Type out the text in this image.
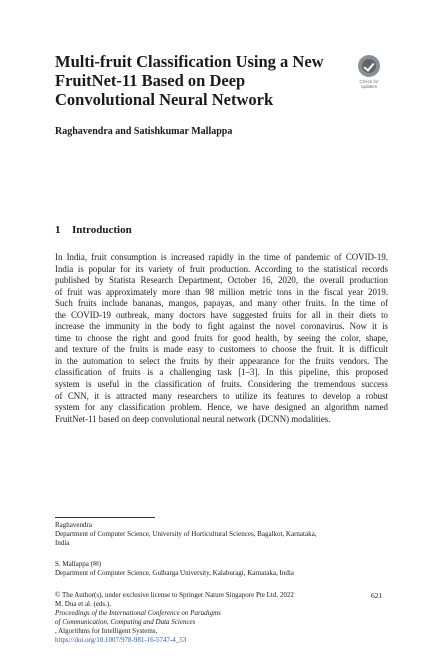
Multi-fruit Classification Using a New
FruitNet-11 Based on Deep
Convolutional Neural Network
Check for
updates
Raghavendra and Satishkumar Mallappa
1 Introduction
In India, fruit consumption is increased rapidly in the time of pandemic of COVID-19.
India is popular for its variety of fruit production. According to the statistical records
published by Statista Research Department, October 16, 2020, the overall production
of fruit was approximately more than 98 million metric tons in the fiscal year 2019.
Such fruits include bananas, mangos, papayas, and many other fruits. In the time of
the COVID-19 outbreak, many doctors have suggested fruits for all in their diets to
increase the immunity in the body to fight against the novel coronavirus. Now it is
time to choose the right and good fruits for good health, by seeing the color, shape,
and texture of the fruits is made easy to customers to choose the fruit. It is difficult
in the automation to select the fruits by their appearance for the fruits vendors. The
classification of fruits is a challenging task [1–3]. In this pipeline, this proposed
system is useful in the classification of fruits. Considering the tremendous success
of CNN, it is attracted many researchers to utilize its features to develop a robust
system for any classification problem. Hence, we have designed an algorithm named
FruitNet-11 based on deep convolutional neural network (DCNN) modalities.
Raghavendra
Department of Computer Science, University of Horticultural Sciences, Bagalkot, Karnataka,
India
S. Mallappa (✉)
Department of Computer Science, Gulbarga University, Kalaburagi, Karnataka, India
© The Author(s), under exclusive license to Springer Nature Singapore Pte Ltd. 2022
M. Dua et al. (eds.),
Proceedings of the International Conference on Paradigms
of Communication, Computing and Data Sciences
, Algorithms for Intelligent Systems,
https://doi.org/10.1007/978-981-16-5747-4_53
621
